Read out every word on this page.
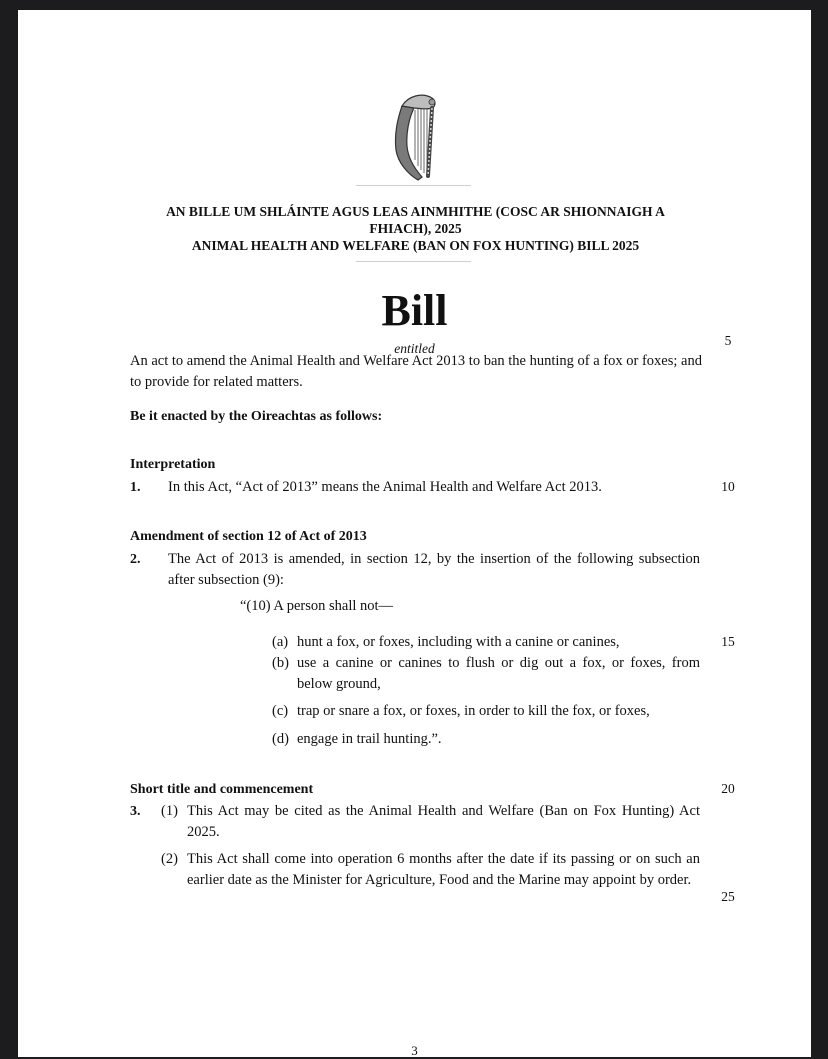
AN BILLE UM SHLÁINTE AGUS LEAS AINMHITHE (COSC AR SHIONNAIGH A
FHIACH), 2025
ANIMAL HEALTH AND WELFARE (BAN ON FOX HUNTING) BILL 2025
Bill
entitled
5
An act to amend the Animal Health and Welfare Act 2013 to ban the hunting of a fox or foxes; and to provide for related matters.
Be it enacted by the Oireachtas as follows:
Interpretation
1. In this Act, “Act of 2013” means the Animal Health and Welfare Act 2013.	10
Amendment of section 12 of Act of 2013
2. The Act of 2013 is amended, in section 12, by the insertion of the following subsection after subsection (9):
“(10) A person shall not—
(a) hunt a fox, or foxes, including with a canine or canines,	15
(b) use a canine or canines to flush or dig out a fox, or foxes, from below ground,
(c) trap or snare a fox, or foxes, in order to kill the fox, or foxes,
(d) engage in trail hunting.”.
Short title and commencement	20
3. (1) This Act may be cited as the Animal Health and Welfare (Ban on Fox Hunting) Act 2025.
(2) This Act shall come into operation 6 months after the date if its passing or on such an earlier date as the Minister for Agriculture, Food and the Marine may appoint by order.
25
3
